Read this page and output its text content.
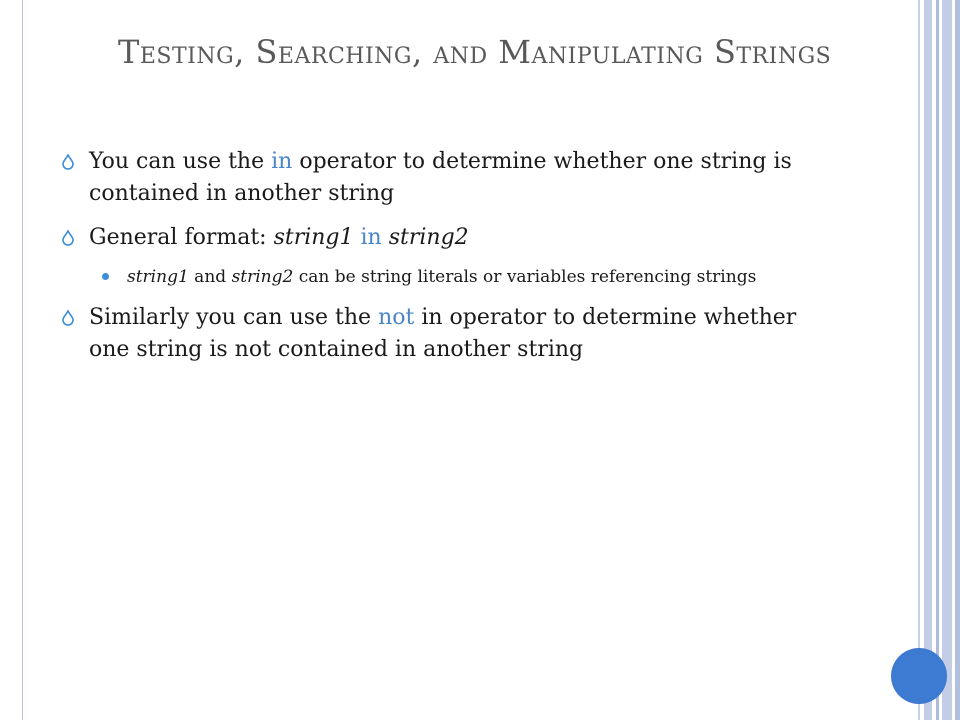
Testing, Searching, and Manipulating Strings
You can use the in operator to determine whether one string is contained in another string
General format: string1 in string2
string1 and string2 can be string literals or variables referencing strings
Similarly you can use the not in operator to determine whether one string is not contained in another string
